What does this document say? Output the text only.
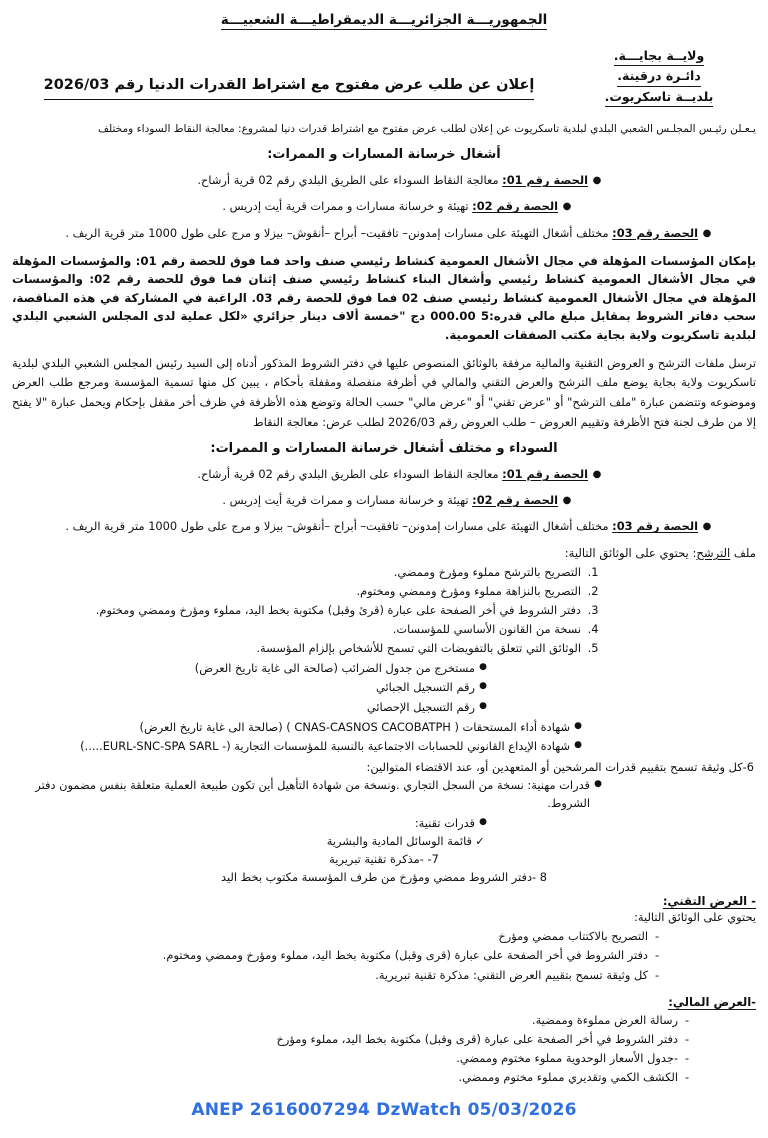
الجمهوريـــة الجزائريـــة الديمقراطيـــة الشعبيـــة
ولايــة بجايـــة.
دائـرة درقينة.
بلديــة تاسكريوت.
إعلان عن طلب عرض مفتوح مع اشتراط القدرات الدنيا رقم 2026/03
يـعـلن رئيـس المجلـس الشعبي البلدي لبلدية تاسكريوت عن إعلان لطلب عرض مفتوح مع اشتراط قدرات دنيا لمشروع: معالجة النقاط السوداء ومختلف
أشغال خرسانة المسارات و الممرات:
●
الحصة رقم 01: معالجة النقاط السوداء على الطريق البلدي رقم 02 قرية أرشاح.
●
الحصة رقم 02: تهيئة و خرسانة مسارات و ممرات قرية أيت إدريس .
●
الحصة رقم 03: مختلف أشغال التهيئة على مسارات إمدونن– تافقيت– أبراح –أنقوش– بيزلا و مرج على طول 1000 متر قرية الريف .
بإمكان المؤسسات المؤهلة في مجال الأشغال العمومية كنشاط رئيسي صنف واحد فما فوق للحصة رقم 01: والمؤسسات المؤهلة في مجال الأشغال العمومية كنشاط رئيسي وأشغال البناء كنشاط رئيسي صنف إثنان فما فوق للحصة رقم 02: والمؤسسات المؤهلة في مجال الأشغال العمومية كنشاط رئيسي صنف 02 فما فوق للحصة رقم 03. الراغبة في المشاركة في هذه المناقصة، سحب دفاتر الشروط بمقابل مبلغ مالي قدره:5 000.00 دج "خمسة ألاف دينار جزائري «لكل عملية لدى المجلس الشعبي البلدي لبلدية تاسكريوت ولاية بجاية مكتب الصفقات العمومية.
ترسل ملفات الترشح و العروض التقنية والمالية مرفقة بالوثائق المنصوص عليها في دفتر الشروط المذكور أدناه إلى السيد رئيس المجلس الشعبي البلدي لبلدية تاسكريوت ولاية بجاية يوضع ملف الترشح والعرض التقني والمالي في أظرفة منفصلة ومقفلة بأحكام ، يبين كل منها تسمية المؤسسة ومرجع طلب العرض وموضوعه وتتضمن عبارة "ملف الترشح" أو "عرض تقني" أو "عرض مالي" حسب الحالة وتوضع هذه الأظرفة في ظرف أخر مقفل بإحكام ويحمل عبارة "لا يفتح إلا من طرف لجنة فتح الأظرفة وتقييم العروض – طلب العروض رقم 2026/03 لطلب عرض: معالجة النقاط
السوداء و مختلف أشغال خرسانة المسارات و الممرات:
●
الحصة رقم 01: معالجة النقاط السوداء على الطريق البلدي رقم 02 قرية أرشاح.
●
الحصة رقم 02: تهيئة و خرسانة مسارات و ممرات قرية أيت إدريس .
●
الحصة رقم 03: مختلف أشغال التهيئة على مسارات إمدونن– تافقيت– أبراح –أنقوش– بيزلا و مرج على طول 1000 متر قرية الريف .
ملف الترشح: يحتوي على الوثائق التالية:
1. التصريح بالترشح مملوء ومؤرخ وممضي.
2. التصريح بالنزاهة مملوء ومؤرخ وممضي ومختوم.
3. دفتر الشروط في أخر الصفحة على عبارة (قرئ وقبل) مكتوبة بخط اليد، مملوء ومؤرخ وممضي ومختوم.
4. نسخة من القانون الأساسي للمؤسسات.
5. الوثائق التي تتعلق بالتفويضات التي تسمح للأشخاص بإلزام المؤسسة.
●
مستخرج من جدول الضرائب (صالحة الى غاية تاريخ العرض)
●
رقم التسجيل الجبائي
●
رقم التسجيل الإحصائي
●
شهادة أداء المستحقات ( CNAS-CASNOS CACOBATPH ) (صالحة الى غاية تاريخ العرض)
●
شهادة الإيداع القانوني للحسابات الاجتماعية بالنسبة للمؤسسات التجارية (- EURL-SNC-SPA SARL.....)
6-كل وثيقة تسمح بتقييم قدرات المرشحين أو المتعهدين أو، عند الاقتضاء المتوالين:
●
قدرات مهنية: نسخة من السجل التجاري .ونسخة من شهادة التأهيل أين تكون طبيعة العملية متعلقة بنفس مضمون دفتر الشروط.
●
قدرات تقنية:
✓
قائمة الوسائل المادية والبشرية
7- -مذكرة تقنية تبريرية
8 -دفتر الشروط ممضي ومؤرخ من طرف المؤسسة مكتوب بخط اليد
- العرض التقني:
يحتوي على الوثائق التالية:
-
التصريح بالاكتتاب ممضي ومؤرخ
-
دفتر الشروط في أخر الصفحة على عبارة (قرى وقبل) مكتوبة بخط اليد، مملوء ومؤرخ وممضي ومختوم.
-
كل وثيقة تسمح بتقييم العرض التقني: مذكرة تقنية تبريرية.
-العرض المالي:
-
رسالة العرض مملوءة وممضية.
-
دفتر الشروط في أخر الصفحة على عبارة (قرى وقبل) مكتوبة بخط اليد، مملوء ومؤرخ
-
-جدول الأسعار الوحدوية مملوء مختوم وممضي.
-
الكشف الكمي وتقديري مملوء مختوم وممضي.
ANEP 2616007294 DzWatch 05/03/2026
